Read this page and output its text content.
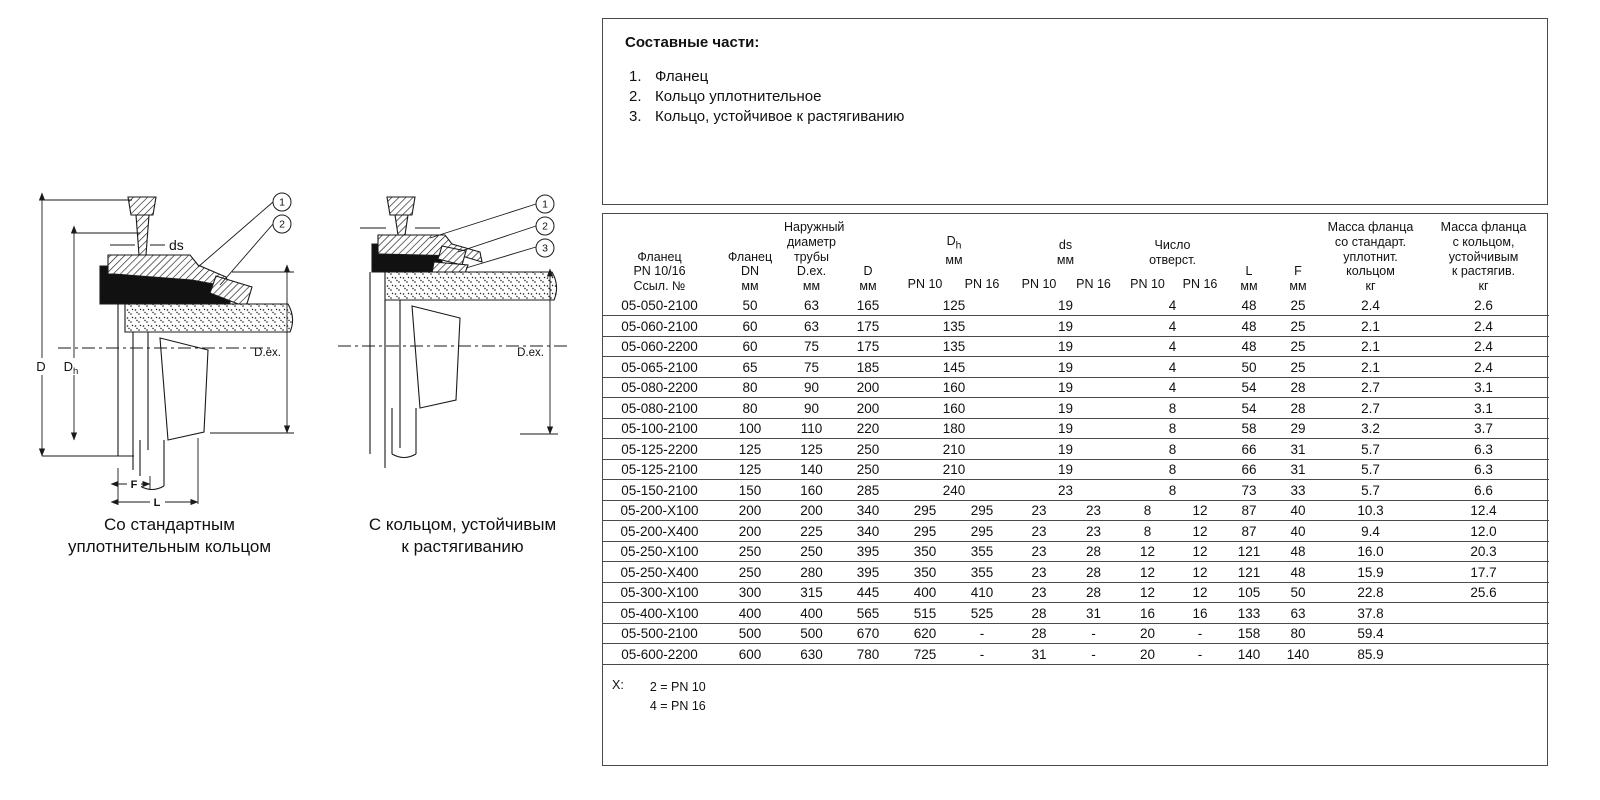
D $D_h$
ds
D.ex.
F
L
1
2
Со стандартным
уплотнительным кольцом
D.ex.
1
2
3
С кольцом, устойчивым
к растягиванию
Составные части:
1. Фланец
2. Кольцо уплотнительное
3. Кольцо, устойчивое к растягиванию
Фланец
PN 10/16
Ссыл. №

Фланец
DN
мм

Наружный
диаметр
трубы
D.ex.
мм

D
мм

$D_h$
мм

ds
мм

Число
отверст.

L
мм

F
мм

Масса фланца
со стандарт.
уплотнит.
кольцом
кг

Масса фланца
с кольцом,
устойчивым
к растягив.
кг

				PN 10	PN 16	PN 10	PN 16	PN 10	PN 16				
05-050-2100	50	63	165	125		19		4		48	25	2.4	2.6
05-060-2100	60	63	175	135		19		4		48	25	2.1	2.4
05-060-2200	60	75	175	135		19		4		48	25	2.1	2.4
05-065-2100	65	75	185	145		19		4		50	25	2.1	2.4
05-080-2200	80	90	200	160		19		4		54	28	2.7	3.1
05-080-2100	80	90	200	160		19		8		54	28	2.7	3.1
05-100-2100	100	110	220	180		19		8		58	29	3.2	3.7
05-125-2200	125	125	250	210		19		8		66	31	5.7	6.3
05-125-2100	125	140	250	210		19		8		66	31	5.7	6.3
05-150-2100	150	160	285	240		23		8		73	33	5.7	6.6
05-200-X100	200	200	340	295	295	23	23	8	12	87	40	10.3	12.4
05-200-X400	200	225	340	295	295	23	23	8	12	87	40	9.4	12.0
05-250-X100	250	250	395	350	355	23	28	12	12	121	48	16.0	20.3
05-250-X400	250	280	395	350	355	23	28	12	12	121	48	15.9	17.7
05-300-X100	300	315	445	400	410	23	28	12	12	105	50	22.8	25.6
05-400-X100	400	400	565	515	525	28	31	16	16	133	63	37.8	
05-500-2100	500	500	670	620	-	28	-	20	-	158	80	59.4	
05-600-2200	600	630	780	725	-	31	-	20	-	140	140	85.9	
X: 2 = PN 10
4 = PN 16
